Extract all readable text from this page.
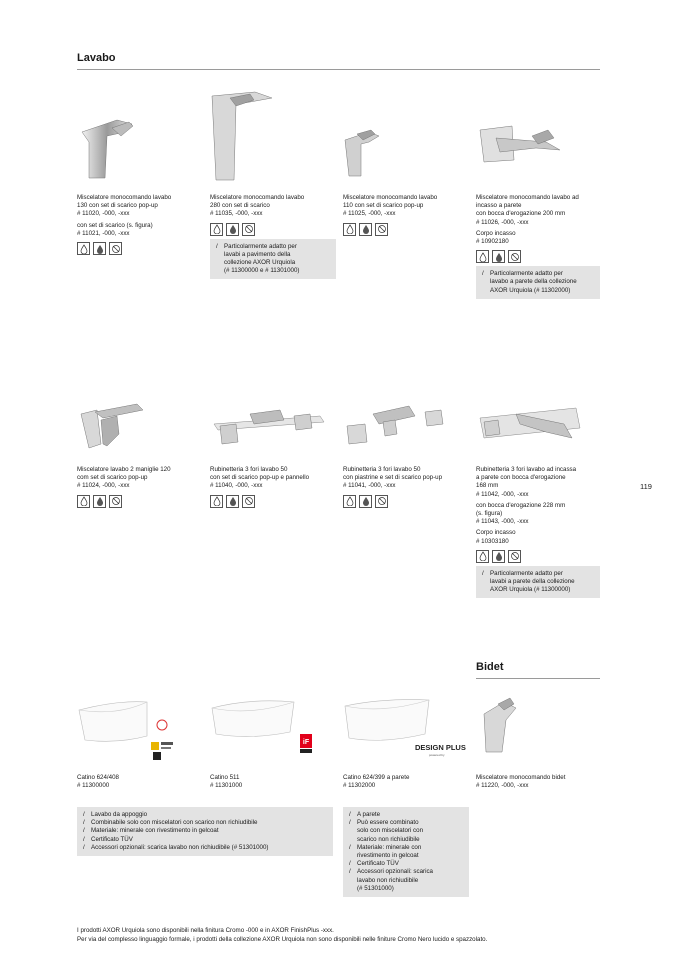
Lavabo
119
Miscelatore monocomando lavabo
130 con set di scarico pop-up
# 11020, -000, -xxx
con set di scarico (s. figura)
# 11021, -000, -xxx
Miscelatore monocomando lavabo
280 con set di scarico
# 11035, -000, -xxx
/	Particolarmente adatto per
lavabi a pavimento della
collezione AXOR Urquiola
(# 11300000 e # 11301000)
Miscelatore monocomando lavabo
110 con set di scarico pop-up
# 11025, -000, -xxx
Miscelatore monocomando lavabo ad
incasso a parete
con bocca d'erogazione 200 mm
# 11026, -000, -xxx
Corpo incasso
# 10902180
/	Particolarmente adatto per
lavabo a parete della collezione
AXOR Urquiola (# 11302000)
Miscelatore lavabo 2 maniglie 120
com set di scarico pop-up
# 11024, -000, -xxx
Rubinetteria 3 fori lavabo 50
con set di scarico pop-up e pannello
# 11040, -000, -xxx
Rubinetteria 3 fori lavabo 50
con piastrine e set di scarico pop-up
# 11041, -000, -xxx
Rubinetteria 3 fori lavabo ad incassa
a parete con bocca d'erogazione
168 mm
# 11042, -000, -xxx
con bocca d'erogazione 228 mm
(s. figura)
# 11043, -000, -xxx
Corpo incasso
# 10303180
/	Particolarmente adatto per
lavabi a parete della collezione
AXOR Urquiola (# 11300000)
Bidet
Catino 624/408
# 11300000
iF
Catino 511
# 11301000
DESIGN PLUS
powered by
Catino 624/399 a parete
# 11302000
Miscelatore monocomando bidet
# 11220, -000, -xxx
/	Lavabo da appoggio
/	Combinabile solo con miscelatori con scarico non richiudibile
/	Materiale: minerale con rivestimento in gelcoat
/	Certificato TÜV
/	Accessori opzionali: scarica lavabo non richiudibile (# 51301000)
/	A parete
/	Può essere combinato
solo con miscelatori con
scarico non richiudibile
/	Materiale: minerale con
rivestimento in gelcoat
/	Certificato TÜV
/	Accessori opzionali: scarica
lavabo non richiudibile
(# 51301000)
I prodotti AXOR Urquiola sono disponibili nella finitura Cromo -000 e in AXOR FinishPlus -xxx.
Per via del complesso linguaggio formale, i prodotti della collezione AXOR Urquiola non sono disponibili nelle finiture Cromo Nero lucido e spazzolato.
